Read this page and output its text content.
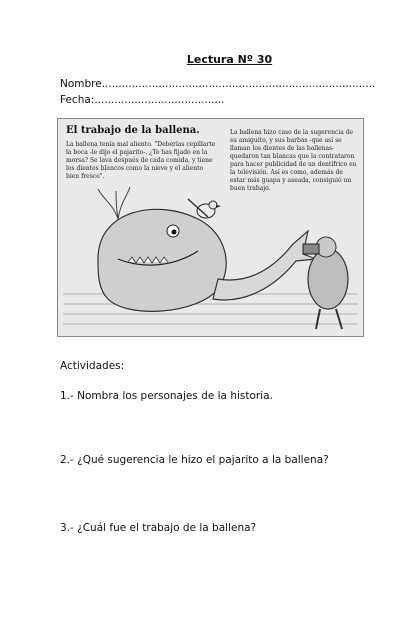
Lectura Nº 30
Nombre..................................................................................
Fecha:.......................................
El trabajo de la ballena.
La ballena tenía mal aliento. "Deberías cepillarte la boca -le dijo el pajarito-. ¿Te has fijado en la morsa? Se lava después de cada comida, y tiene los dientes blancos como la nieve y el aliento bien fresco".
La ballena hizo caso de la sugerencia de su amiguito, y sus barbas -que así se llaman los dientes de las ballenas- quedaron tan blancas que la contrataron para hacer publicidad de un dentífrico en la televisión. Así es como, además de estar más guapa y aseada, consiguió un buen trabajo.
Actividades:
1.- Nombra los personajes de la historia.
2.- ¿Qué sugerencia le hizo el pajarito a la ballena?
3.- ¿Cuál fue el trabajo de la ballena?
